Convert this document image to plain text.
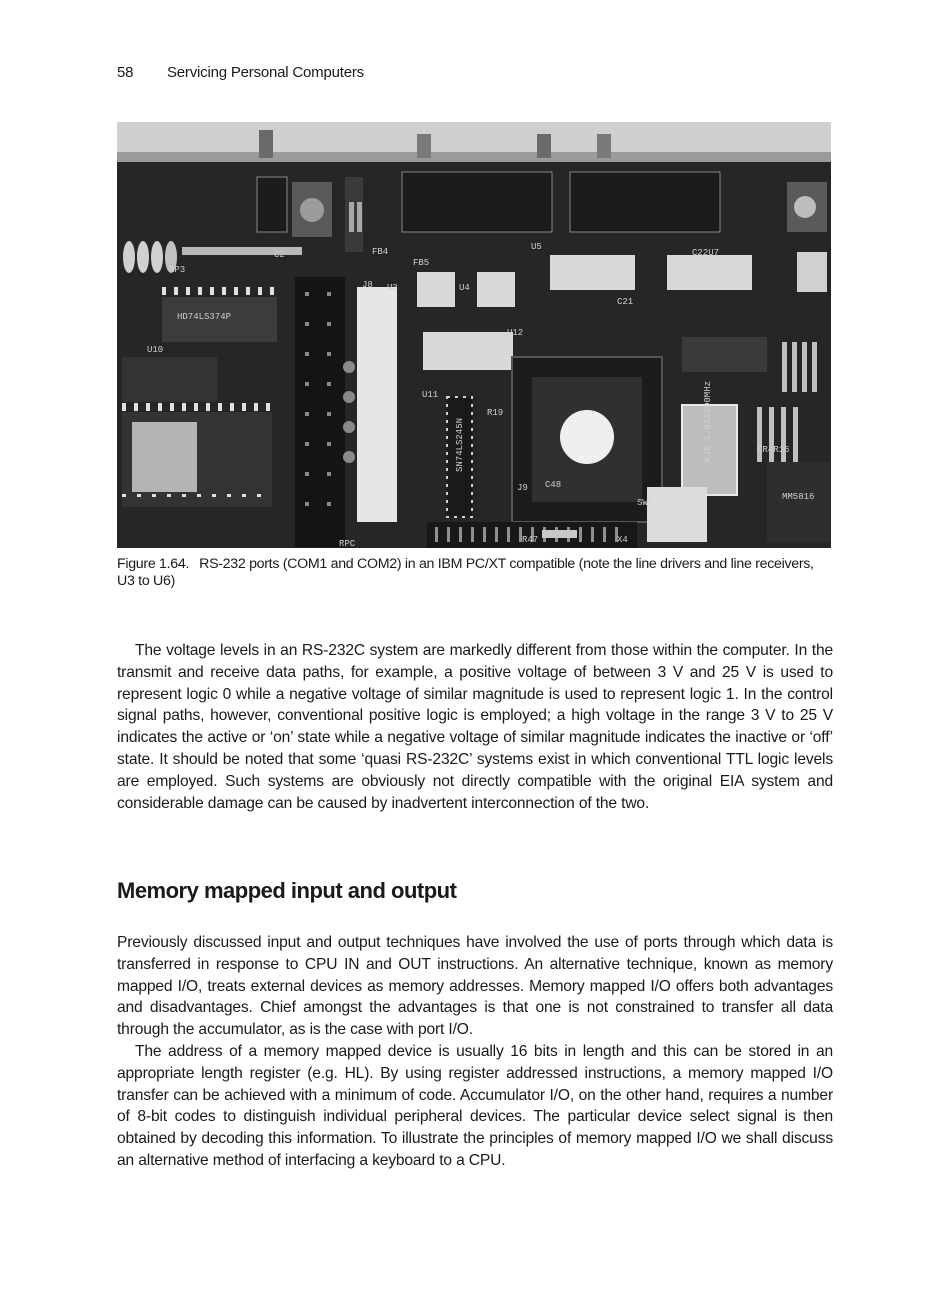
58 Servicing Personal Computers
RP3
C2	FB4
FB5
U5
C22U7
J8 U3	U4
U12
C21
HD74LS374P
U10
U11
R19
SN74LS245N
J9 C48
SW1
R47	X4
RPC
KJE 1.843200MHz
MM5816
CR4R16
Figure 1.64. RS-232 ports (COM1 and COM2) in an IBM PC/XT compatible (note the line drivers and line receivers, U3 to U6)

The voltage levels in an RS-232C system are markedly different from those within the computer. In the transmit and receive data paths, for example, a positive voltage of between 3 V and 25 V is used to represent logic 0 while a negative voltage of similar magnitude is used to represent logic 1. In the control signal paths, however, conventional positive logic is employed; a high voltage in the range 3 V to 25 V indicates the active or ‘on’ state while a negative voltage of similar magnitude indicates the inactive or ‘off’ state. It should be noted that some ‘quasi RS-232C’ systems exist in which conventional TTL logic levels are employed. Such systems are obviously not directly compatible with the original EIA system and considerable damage can be caused by inadvertent interconnection of the two.

Memory mapped input and output

Previously discussed input and output techniques have involved the use of ports through which data is transferred in response to CPU IN and OUT instructions. An alternative technique, known as memory mapped I/O, treats external devices as memory addresses. Memory mapped I/O offers both advantages and disadvantages. Chief amongst the advantages is that one is not constrained to transfer all data through the accumulator, as is the case with port I/O.

The address of a memory mapped device is usually 16 bits in length and this can be stored in an appropriate length register (e.g. HL). By using register addressed instructions, a memory mapped I/O transfer can be achieved with a minimum of code. Accumulator I/O, on the other hand, requires a number of 8-bit codes to distinguish individual peripheral devices. The particular device select signal is then obtained by decoding this information. To illustrate the principles of memory mapped I/O we shall discuss an alternative method of interfacing a keyboard to a CPU.
